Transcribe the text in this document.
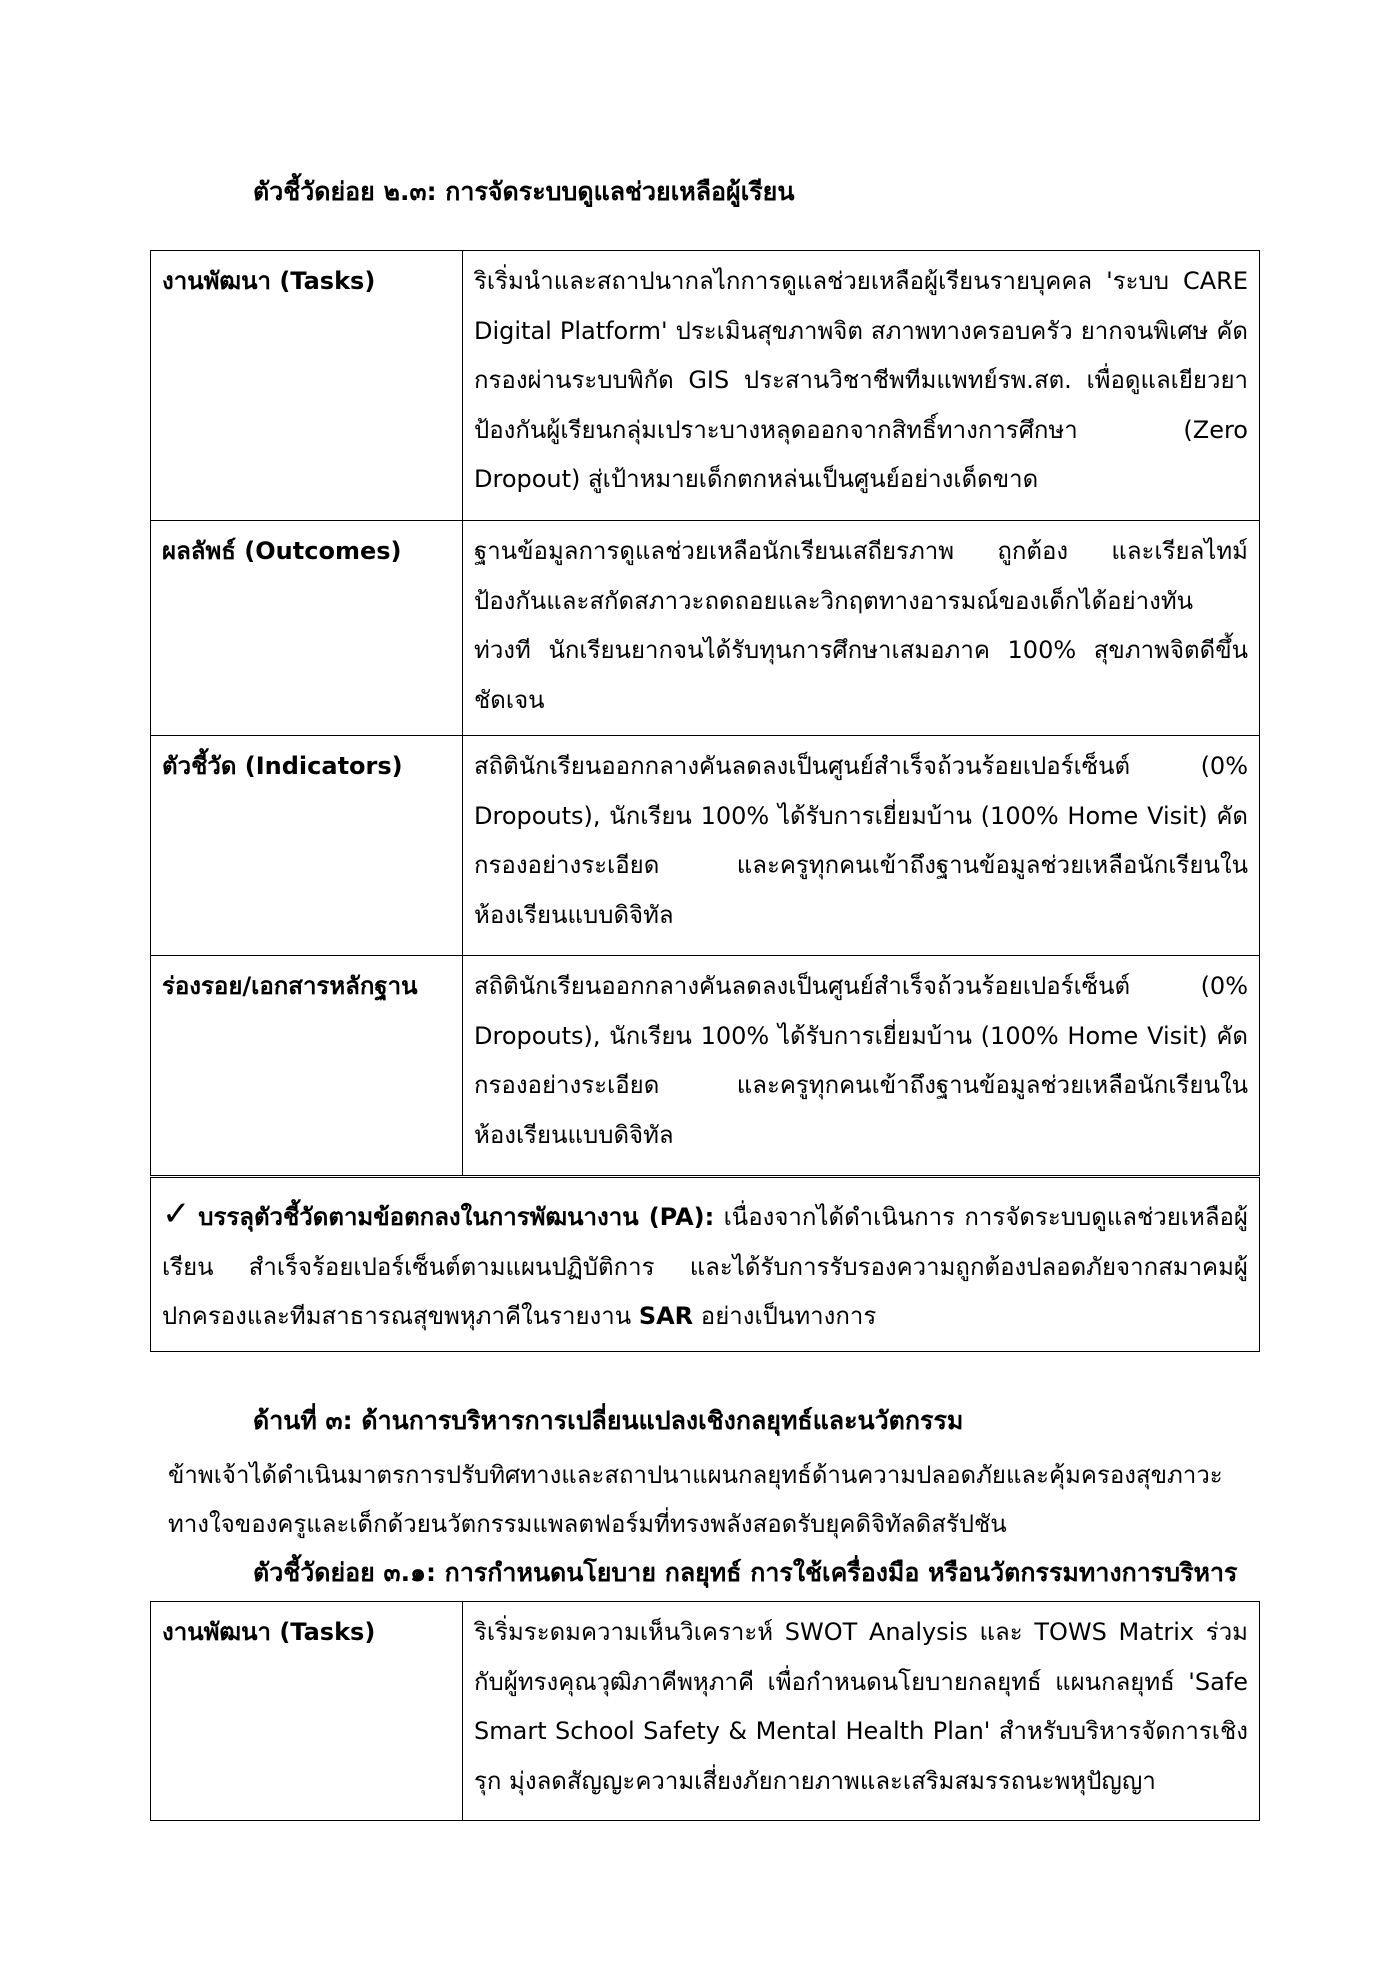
ตัวชี้วัดย่อย ๒.๓: การจัดระบบดูแลช่วยเหลือผู้เรียน
งานพัฒนา (Tasks)	ริเริ่มนำและสถาปนากลไกการดูแลช่วยเหลือผู้เรียนรายบุคคล 'ระบบ CARE Digital Platform' ประเมินสุขภาพจิต สภาพทางครอบครัว ยากจนพิเศษ คัดกรองผ่านระบบพิกัด GIS ประสานวิชาชีพทีมแพทย์รพ.สต. เพื่อดูแลเยียวยา ป้องกันผู้เรียนกลุ่มเปราะบางหลุดออกจากสิทธิ์ทางการศึกษา (Zero Dropout) สู่เป้าหมายเด็กตกหล่นเป็นศูนย์อย่างเด็ดขาด
ผลลัพธ์ (Outcomes)	ฐานข้อมูลการดูแลช่วยเหลือนักเรียนเสถียรภาพ ถูกต้อง และเรียลไทม์ ป้องกันและสกัดสภาวะถดถอยและวิกฤตทางอารมณ์ของเด็กได้อย่างทันท่วงที นักเรียนยากจนได้รับทุนการศึกษาเสมอภาค 100% สุขภาพจิตดีขึ้นชัดเจน
ตัวชี้วัด (Indicators)	สถิตินักเรียนออกกลางคันลดลงเป็นศูนย์สำเร็จถ้วนร้อยเปอร์เซ็นต์ (0% Dropouts), นักเรียน 100% ได้รับการเยี่ยมบ้าน (100% Home Visit) คัดกรองอย่างระเอียด และครูทุกคนเข้าถึงฐานข้อมูลช่วยเหลือนักเรียนในห้องเรียนแบบดิจิทัล
ร่องรอย/เอกสารหลักฐาน	สถิตินักเรียนออกกลางคันลดลงเป็นศูนย์สำเร็จถ้วนร้อยเปอร์เซ็นต์ (0% Dropouts), นักเรียน 100% ได้รับการเยี่ยมบ้าน (100% Home Visit) คัดกรองอย่างระเอียด และครูทุกคนเข้าถึงฐานข้อมูลช่วยเหลือนักเรียนในห้องเรียนแบบดิจิทัล
✓ บรรลุตัวชี้วัดตามข้อตกลงในการพัฒนางาน (PA): เนื่องจากได้ดำเนินการ การจัดระบบดูแลช่วยเหลือผู้เรียน สำเร็จร้อยเปอร์เซ็นต์ตามแผนปฏิบัติการ และได้รับการรับรองความถูกต้องปลอดภัยจากสมาคมผู้ปกครองและทีมสาธารณสุขพหุภาคีในรายงาน SAR อย่างเป็นทางการ
ด้านที่ ๓: ด้านการบริหารการเปลี่ยนแปลงเชิงกลยุทธ์และนวัตกรรม
ข้าพเจ้าได้ดำเนินมาตรการปรับทิศทางและสถาปนาแผนกลยุทธ์ด้านความปลอดภัยและคุ้มครองสุขภาวะทางใจของครูและเด็กด้วยนวัตกรรมแพลตฟอร์มที่ทรงพลังสอดรับยุคดิจิทัลดิสรัปชัน
ตัวชี้วัดย่อย ๓.๑: การกำหนดนโยบาย กลยุทธ์ การใช้เครื่องมือ หรือนวัตกรรมทางการบริหาร
งานพัฒนา (Tasks)	ริเริ่มระดมความเห็นวิเคราะห์ SWOT Analysis และ TOWS Matrix ร่วมกับผู้ทรงคุณวุฒิภาคีพหุภาคี เพื่อกำหนดนโยบายกลยุทธ์ แผนกลยุทธ์ 'Safe Smart School Safety & Mental Health Plan' สำหรับบริหารจัดการเชิงรุก มุ่งลดสัญญะความเสี่ยงภัยกายภาพและเสริมสมรรถนะพหุปัญญา
